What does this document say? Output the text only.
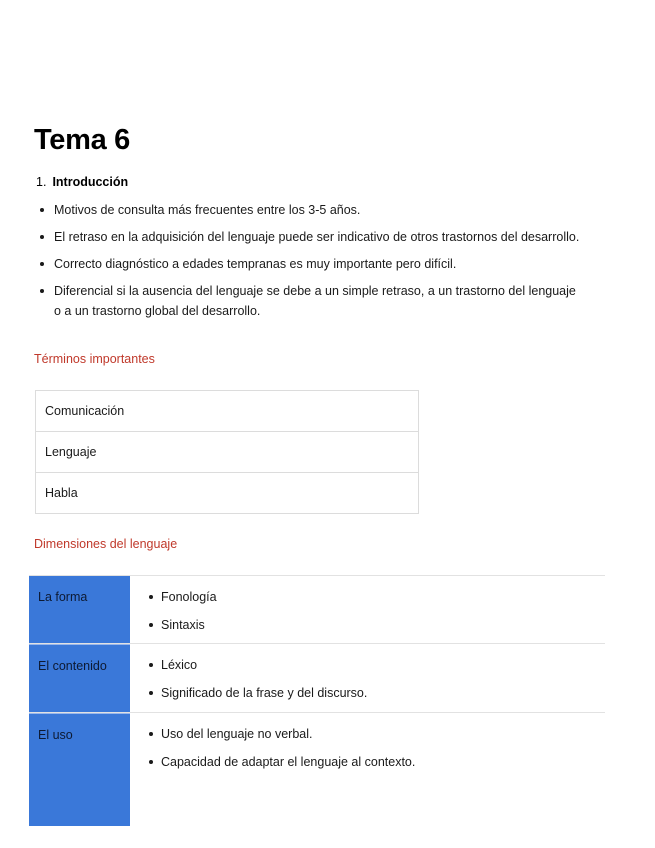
Tema 6
1. Introducción
Motivos de consulta más frecuentes entre los 3-5 años.
El retraso en la adquisición del lenguaje puede ser indicativo de otros trastornos del desarrollo.
Correcto diagnóstico a edades tempranas es muy importante pero difícil.
Diferencial si la ausencia del lenguaje se debe a un simple retraso, a un trastorno del lenguaje o a un trastorno global del desarrollo.
Términos importantes
Comunicación
Lenguaje
Habla
Dimensiones del lenguaje
La forma	Fonología
Sintaxis
El contenido	Léxico
Significado de la frase y del discurso.
El uso	Uso del lenguaje no verbal.
Capacidad de adaptar el lenguaje al contexto.
